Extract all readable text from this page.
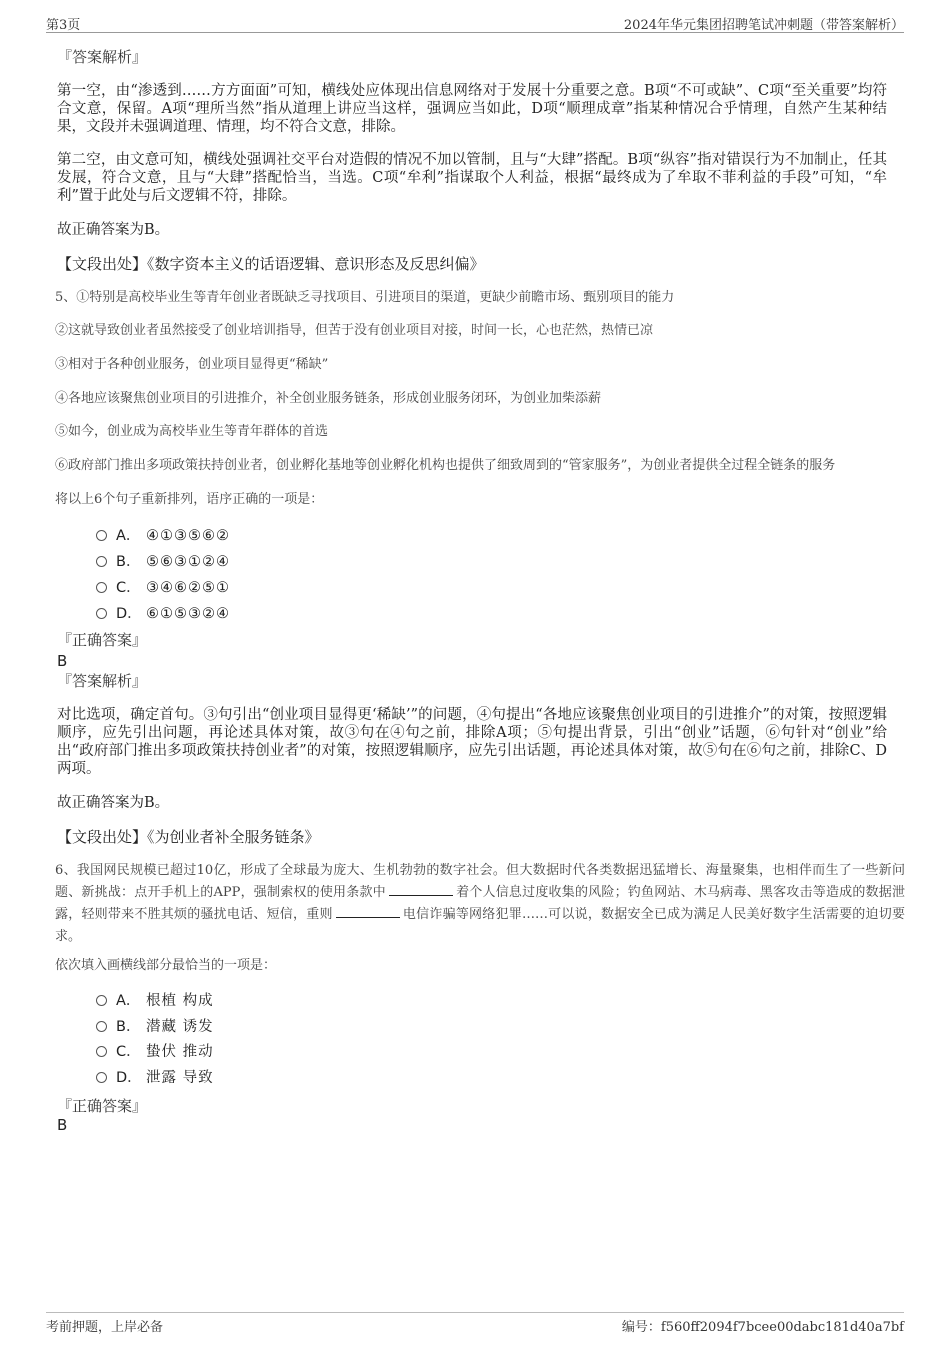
第3页	2024年华元集团招聘笔试冲刺题（带答案解析）
『答案解析』
第一空，由“渗透到……方方面面”可知，横线处应体现出信息网络对于发展十分重要之意。B项“不可或缺”、C项“至关重要”均符合文意，保留。A项“理所当然”指从道理上讲应当这样，强调应当如此，D项“顺理成章”指某种情况合乎情理，自然产生某种结果，文段并未强调道理、情理，均不符合文意，排除。
第二空，由文意可知，横线处强调社交平台对造假的情况不加以管制，且与“大肆”搭配。B项“纵容”指对错误行为不加制止，任其发展，符合文意，且与“大肆”搭配恰当，当选。C项“牟利”指谋取个人利益，根据“最终成为了牟取不菲利益的手段”可知，“牟利”置于此处与后文逻辑不符，排除。
故正确答案为B。
【文段出处】《数字资本主义的话语逻辑、意识形态及反思纠偏》
5、①特别是高校毕业生等青年创业者既缺乏寻找项目、引进项目的渠道，更缺少前瞻市场、甄别项目的能力
②这就导致创业者虽然接受了创业培训指导，但苦于没有创业项目对接，时间一长，心也茫然，热情已凉
③相对于各种创业服务，创业项目显得更“稀缺”
④各地应该聚焦创业项目的引进推介，补全创业服务链条，形成创业服务闭环，为创业加柴添薪
⑤如今，创业成为高校毕业生等青年群体的首选
⑥政府部门推出多项政策扶持创业者，创业孵化基地等创业孵化机构也提供了细致周到的“管家服务”，为创业者提供全过程全链条的服务
将以上6个句子重新排列，语序正确的一项是：
A． ④①③⑤⑥②
B． ⑤⑥③①②④
C． ③④⑥②⑤①
D． ⑥①⑤③②④
『正确答案』
B
『答案解析』
对比选项，确定首句。③句引出“创业项目显得更‘稀缺’”的问题，④句提出“各地应该聚焦创业项目的引进推介”的对策，按照逻辑顺序，应先引出问题，再论述具体对策，故③句在④句之前，排除A项；⑤句提出背景，引出“创业”话题，⑥句针对“创业”给出“政府部门推出多项政策扶持创业者”的对策，按照逻辑顺序，应先引出话题，再论述具体对策，故⑤句在⑥句之前，排除C、D两项。
故正确答案为B。
【文段出处】《为创业者补全服务链条》
6、我国网民规模已超过10亿，形成了全球最为庞大、生机勃勃的数字社会。但大数据时代各类数据迅猛增长、海量聚集，也相伴而生了一些新问题、新挑战：点开手机上的APP，强制索权的使用条款中	着个人信息过度收集的风险；钓鱼网站、木马病毒、黑客攻击等造成的数据泄露，轻则带来不胜其烦的骚扰电话、短信，重则	电信诈骗等网络犯罪……可以说，数据安全已成为满足人民美好数字生活需要的迫切要求。
依次填入画横线部分最恰当的一项是：
A． 根植 构成
B． 潜藏 诱发
C． 蛰伏 推动
D． 泄露 导致
『正确答案』
B
考前押题，上岸必备	编号：f560ff2094f7bcee00dabc181d40a7bf
